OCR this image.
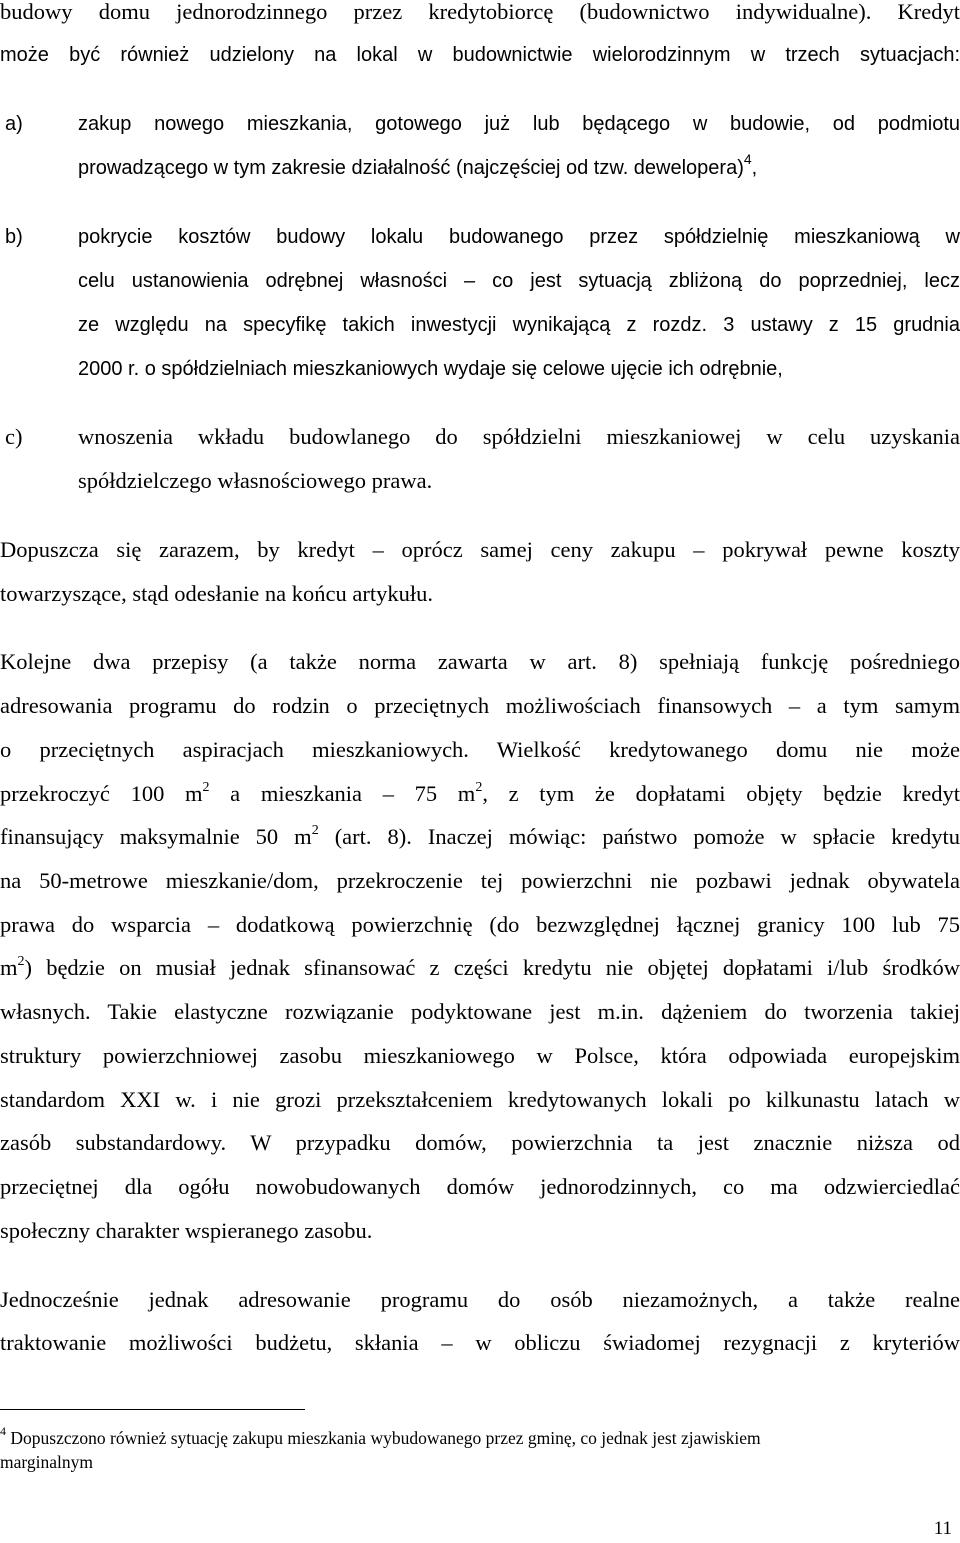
budowy domu jednorodzinnego przez kredytobiorcę (budownictwo indywidualne). Kredyt

może być również udzielony na lokal w budownictwie wielorodzinnym w trzech sytuacjach:

a)	zakup nowego mieszkania, gotowego już lub będącego w budowie, od podmiotu
prowadzącego w tym zakresie działalność (najczęściej od tzw. dewelopera)$^4$,
b)	pokrycie kosztów budowy lokalu budowanego przez spółdzielnię mieszkaniową w
celu ustanowienia odrębnej własności – co jest sytuacją zbliżoną do poprzedniej, lecz
ze względu na specyfikę takich inwestycji wynikającą z rozdz. 3 ustawy z 15 grudnia
2000 r. o spółdzielniach mieszkaniowych wydaje się celowe ujęcie ich odrębnie,
c) wnoszenia wkładu budowlanego do spółdzielni mieszkaniowej w celu uzyskania
spółdzielczego własnościowego prawa.

Dopuszcza się zarazem, by kredyt – oprócz samej ceny zakupu – pokrywał pewne koszty

towarzyszące, stąd odesłanie na końcu artykułu.

Kolejne dwa przepisy (a także norma zawarta w art. 8) spełniają funkcję pośredniego

adresowania programu do rodzin o przeciętnych możliwościach finansowych – a tym samym

o przeciętnych aspiracjach mieszkaniowych. Wielkość kredytowanego domu nie może

przekroczyć 100 $m^2$ a mieszkania – 75 $m^2$, z tym że dopłatami objęty będzie kredyt

finansujący maksymalnie 50 $m^2$ (art. 8). Inaczej mówiąc: państwo pomoże w spłacie kredytu

na 50-metrowe mieszkanie/dom, przekroczenie tej powierzchni nie pozbawi jednak obywatela

prawa do wsparcia – dodatkową powierzchnię (do bezwzględnej łącznej granicy 100 lub 75

$m^2$) będzie on musiał jednak sfinansować z części kredytu nie objętej dopłatami i/lub środków

własnych. Takie elastyczne rozwiązanie podyktowane jest m.in. dążeniem do tworzenia takiej

struktury powierzchniowej zasobu mieszkaniowego w Polsce, która odpowiada europejskim

standardom XXI w. i nie grozi przekształceniem kredytowanych lokali po kilkunastu latach w

zasób substandardowy. W przypadku domów, powierzchnia ta jest znacznie niższa od

przeciętnej dla ogółu nowobudowanych domów jednorodzinnych, co ma odzwierciedlać

społeczny charakter wspieranego zasobu.

Jednocześnie jednak adresowanie programu do osób niezamożnych, a także realne

traktowanie możliwości budżetu, skłania – w obliczu świadomej rezygnacji z kryteriów

$^4$ Dopuszczono również sytuację zakupu mieszkania wybudowanego przez gminę, co jednak jest zjawiskiem
marginalnym
11
